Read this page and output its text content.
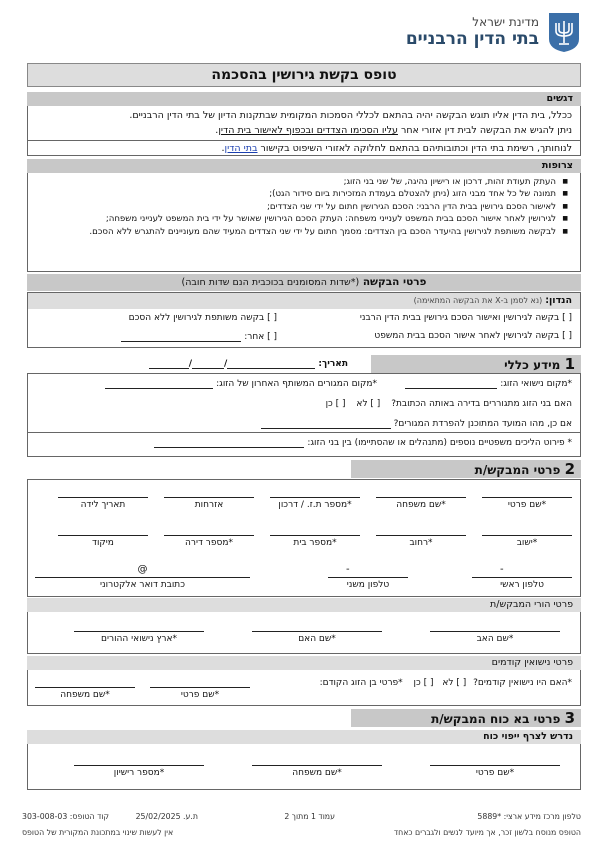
מדינת ישראל
בתי הדין הרבניים
טופס בקשת גירושין בהסכמה
דגשים
ככלל, בית הדין אליו תוגש הבקשה יהיה בהתאם לכללי הסמכות המקומית שבתקנות הדיון של בתי הדין הרבניים.
ניתן להגיש את הבקשה לבית דין אזורי אחר עליו הסכימו הצדדים ובכפוף לאישור בית הדין.
לנוחותך, רשימת בתי הדין וכתובותיהם בהתאם לחלוקה לאזורי השיפוט בקישור בתי הדין.
צרופות
■ העתק תעודת זהות, דרכון או רישיון נהיגה, של שני בני הזוג;
■ תמונה של כל אחד מבני הזוג (ניתן להצטלם בעמדת המזכירות ביום סידור הגט);
■ לאישור הסכם גירושין בבית הדין הרבני: הסכם הגירושין חתום על ידי שני הצדדים;
■ לגירושין לאחר אישור הסכם בבית המשפט לענייני משפחה: העתק הסכם הגירושין שאושר על ידי בית המשפט לענייני משפחה;
■ לבקשה משותפת לגירושין בהיעדר הסכם בין הצדדים: מסמך חתום על ידי שני הצדדים המעיד שהם מעוניינים להתגרש ללא הסכם.
פרטי הבקשה (*שדות המסומנים בכוכבית הנם שדות חובה)
הנדון: (נא לסמן ב-X את הבקשה המתאימה)
[ ] בקשה לגירושין ואישור הסכם גירושין בבית הדין הרבני
[ ] בקשה משותפת לגירושין ללא הסכם
[ ] בקשה לגירושין לאחר אישור הסכם בבית המשפט
[ ] אחר:
1 מידע כללי
תאריך: //
*מקום נישואי הזוג:
*מקום המגורים המשותף האחרון של הזוג:
האם בני הזוג מתגוררים בדירה באותה הכתובת? [ ] לא [ ] כן
אם כן, מהו המועד המתוכנן להפרדת המגורים?
* פירוט הליכים משפטיים נוספים (מתנהלים או שהסתיימו) בין בני הזוג:
2 פרטי המבקש/ת
*שם פרטי
*שם משפחה
*מספר ת.ז. / דרכון
אזרחות
תאריך לידה
*ישוב
*רחוב
*מספר בית
*מספר דירה
מיקוד
-
טלפון ראשי
-
טלפון משני
@
כתובת דואר אלקטרוני
פרטי הורי המבקש/ת
*שם האב
*שם האם
*ארץ נישואי ההורים
פרטי נישואין קודמים
*האם היו נישואין קודמים? [ ] לא [ ] כן *פרטי בן הזוג הקודם:
*שם פרטי
*שם משפחה
3 פרטי בא כוח המבקש/ת
נדרש לצרף ייפוי כוח
*שם פרטי
*שם משפחה
*מספר רישיון
טלפון מרכז מידע ארצי: *5889
עמוד 1 מתוך 2
ת.ע. 25/02/2025
קוד הטופס: 303-008-03
הטופס מנוסח בלשון זכר, אך מיועד לנשים ולגברים כאחד
אין לעשות שינוי במתכונת המקורית של הטופס
